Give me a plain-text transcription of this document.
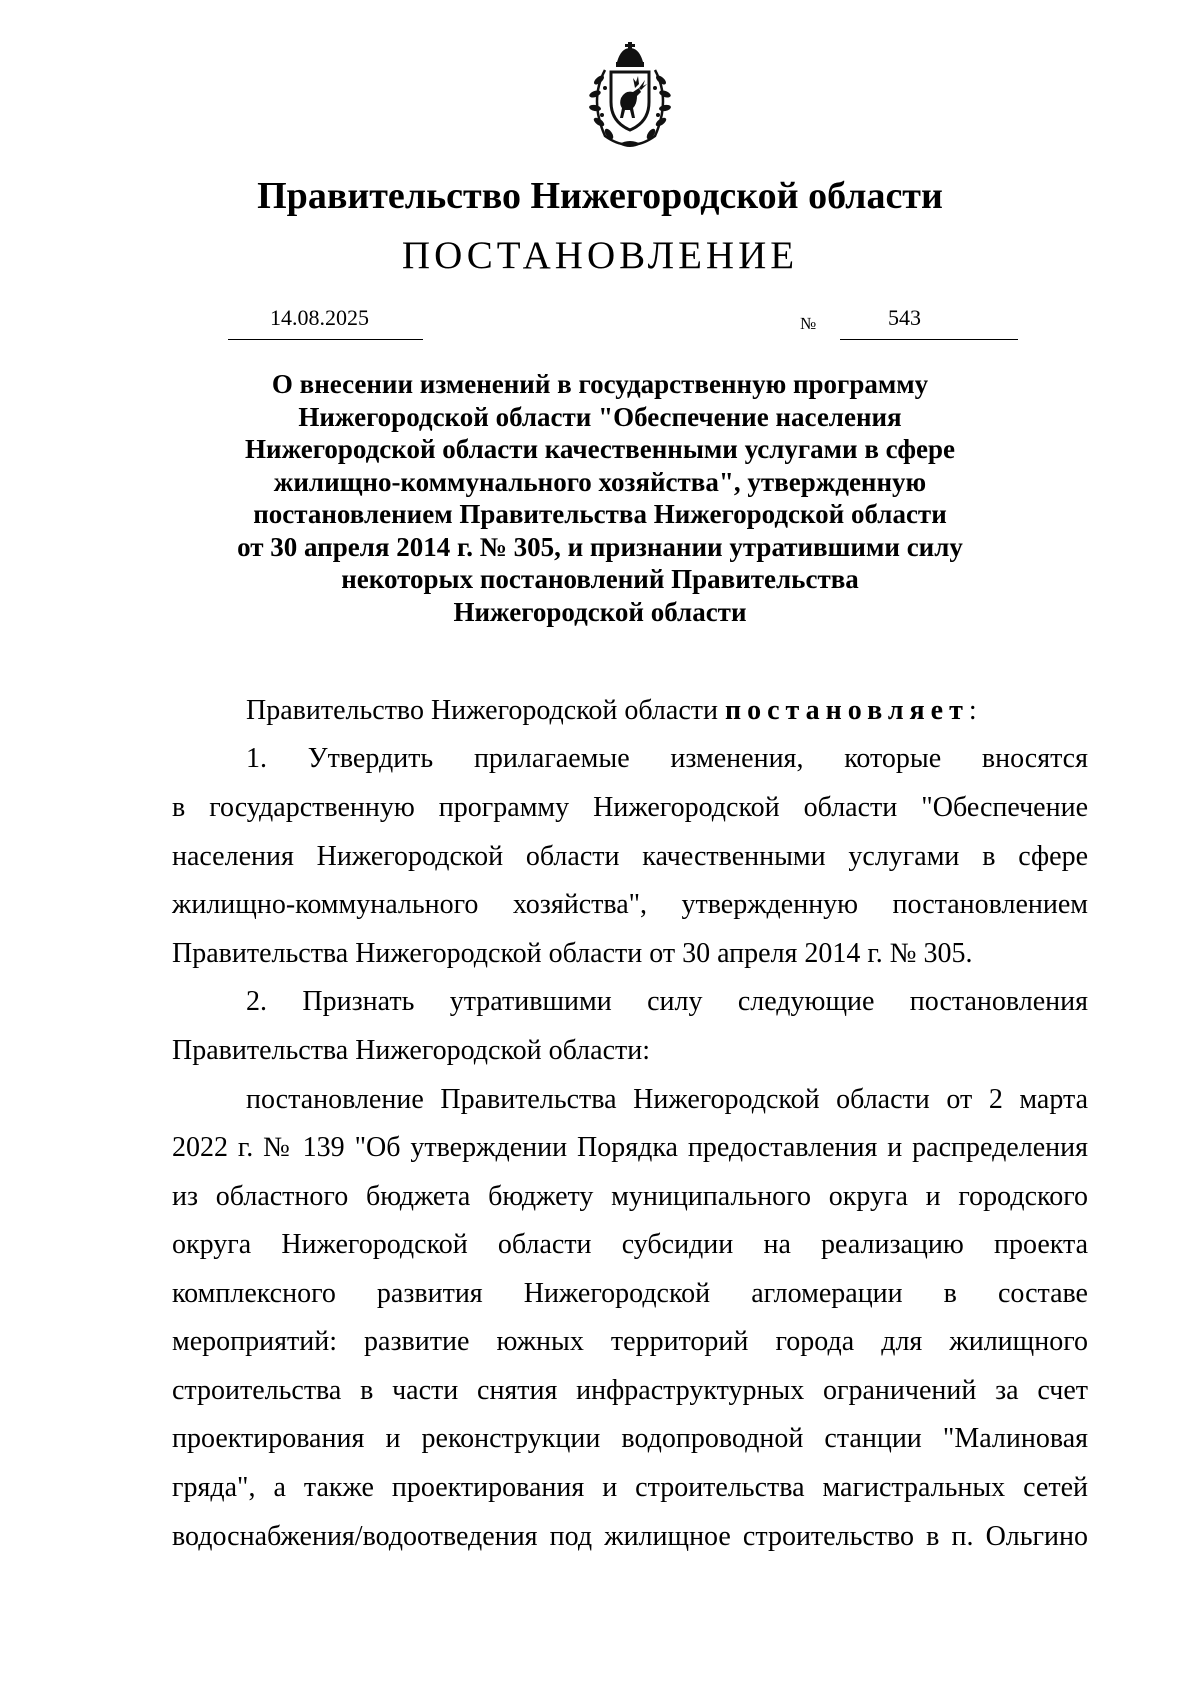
Правительство Нижегородской области
ПОСТАНОВЛЕНИЕ
14.08.2025	№	543
О внесении изменений в государственную программу
Нижегородской области "Обеспечение населения
Нижегородской области качественными услугами в сфере
жилищно-коммунального хозяйства", утвержденную
постановлением Правительства Нижегородской области
от 30 апреля 2014 г. № 305, и признании утратившими силу
некоторых постановлений Правительства
Нижегородской области
Правительство Нижегородской области постановляет:
1. Утвердить прилагаемые изменения, которые вносятся
в государственную программу Нижегородской области "Обеспечение
населения Нижегородской области качественными услугами в сфере
жилищно-коммунального хозяйства", утвержденную постановлением
Правительства Нижегородской области от 30 апреля 2014 г. № 305.
2. Признать утратившими силу следующие постановления
Правительства Нижегородской области:
постановление Правительства Нижегородской области от 2 марта
2022 г. № 139 "Об утверждении Порядка предоставления и распределения
из областного бюджета бюджету муниципального округа и городского
округа Нижегородской области субсидии на реализацию проекта
комплексного развития Нижегородской агломерации в составе
мероприятий: развитие южных территорий города для жилищного
строительства в части снятия инфраструктурных ограничений за счет
проектирования и реконструкции водопроводной станции "Малиновая
гряда", а также проектирования и строительства магистральных сетей
водоснабжения/водоотведения под жилищное строительство в п. Ольгино
